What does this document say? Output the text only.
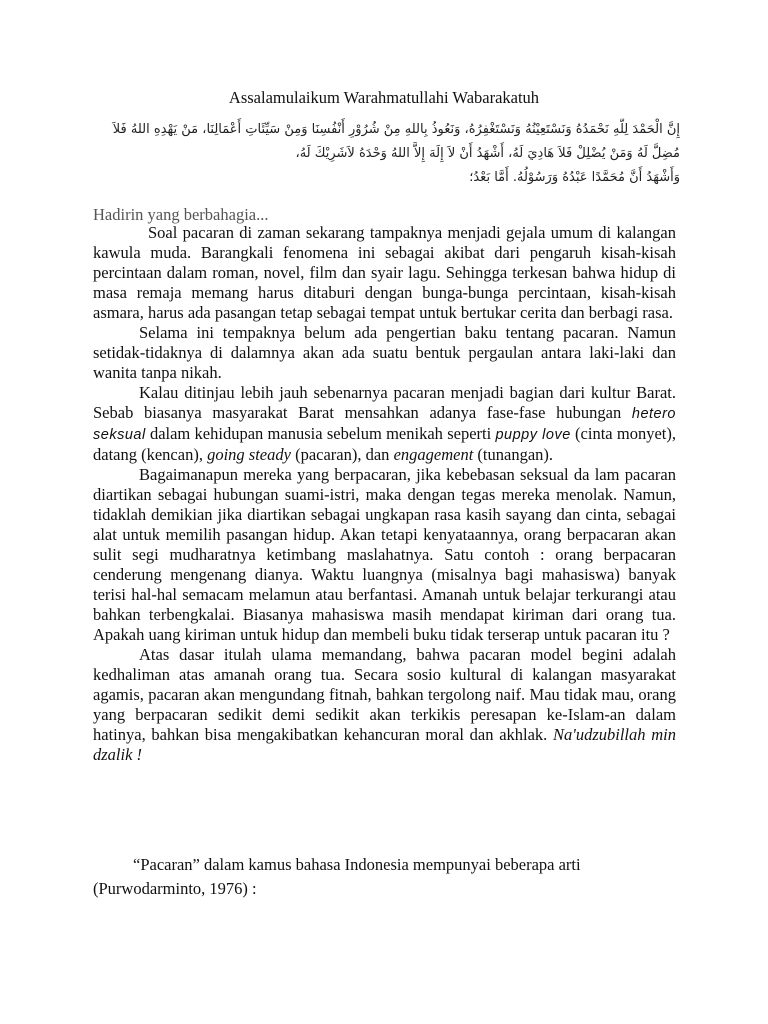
Assalamulaikum Warahmatullahi Wabarakatuh
إِنَّ الْحَمْدَ لِلَّهِ نَحْمَدُهُ وَنَسْتَعِيْنُهُ وَنَسْتَغْفِرُهُ، وَنَعُوذُ بِاللهِ مِنْ شُرُوْرِ أَنْفُسِنَا وَمِنْ سَيِّئَاتِ أَعْمَالِنَا، مَنْ يَهْدِهِ اللهُ فَلاَ
مُضِلَّ لَهُ وَمَنْ يُضْلِلْ فَلاَ هَادِيَ لَهُ، أَشْهَدُ أَنْ لاَ إِلَهَ إِلاَّ اللهُ وَحْدَهُ لاَشَرِيْكَ لَهُ،
وَأَشْهَدُ أَنَّ مُحَمَّدًا عَبْدُهُ وَرَسُوْلُهُ. أَمَّا بَعْدُ؛
Hadirin yang berbahagia...

Soal pacaran di zaman sekarang tampaknya menjadi gejala umum di kalangan kawula muda. Barangkali fenomena ini sebagai akibat dari pengaruh kisah-kisah percintaan dalam roman, novel, film dan syair lagu. Sehingga terkesan bahwa hidup di masa remaja memang harus ditaburi dengan bunga-bunga percintaan, kisah-kisah asmara, harus ada pasangan tetap sebagai tempat untuk bertukar cerita dan berbagi rasa.

Selama ini tempaknya belum ada pengertian baku tentang pacaran. Namun setidak-tidaknya di dalamnya akan ada suatu bentuk pergaulan antara laki-laki dan wanita tanpa nikah.

Kalau ditinjau lebih jauh sebenarnya pacaran menjadi bagian dari kultur Barat. Sebab biasanya masyarakat Barat mensahkan adanya fase-fase hubungan hetero seksual dalam kehidupan manusia sebelum menikah seperti puppy love (cinta monyet), datang (kencan), going steady (pacaran), dan engagement (tunangan).

Bagaimanapun mereka yang berpacaran, jika kebebasan seksual da lam pacaran diartikan sebagai hubungan suami-istri, maka dengan tegas mereka menolak. Namun, tidaklah demikian jika diartikan sebagai ungkapan rasa kasih sayang dan cinta, sebagai alat untuk memilih pasangan hidup. Akan tetapi kenyataannya, orang berpacaran akan sulit segi mudharatnya ketimbang maslahatnya. Satu contoh : orang berpacaran cenderung mengenang dianya. Waktu luangnya (misalnya bagi mahasiswa) banyak terisi hal-hal semacam melamun atau berfantasi. Amanah untuk belajar terkurangi atau bahkan terbengkalai. Biasanya mahasiswa masih mendapat kiriman dari orang tua. Apakah uang kiriman untuk hidup dan membeli buku tidak terserap untuk pacaran itu ?

Atas dasar itulah ulama memandang, bahwa pacaran model begini adalah kedhaliman atas amanah orang tua. Secara sosio kultural di kalangan masyarakat agamis, pacaran akan mengundang fitnah, bahkan tergolong naif. Mau tidak mau, orang yang berpacaran sedikit demi sedikit akan terkikis peresapan ke-Islam-an dalam hatinya, bahkan bisa mengakibatkan kehancuran moral dan akhlak. Na'udzubillah min dzalik !

“Pacaran” dalam kamus bahasa Indonesia mempunyai beberapa arti

(Purwodarminto, 1976) :
